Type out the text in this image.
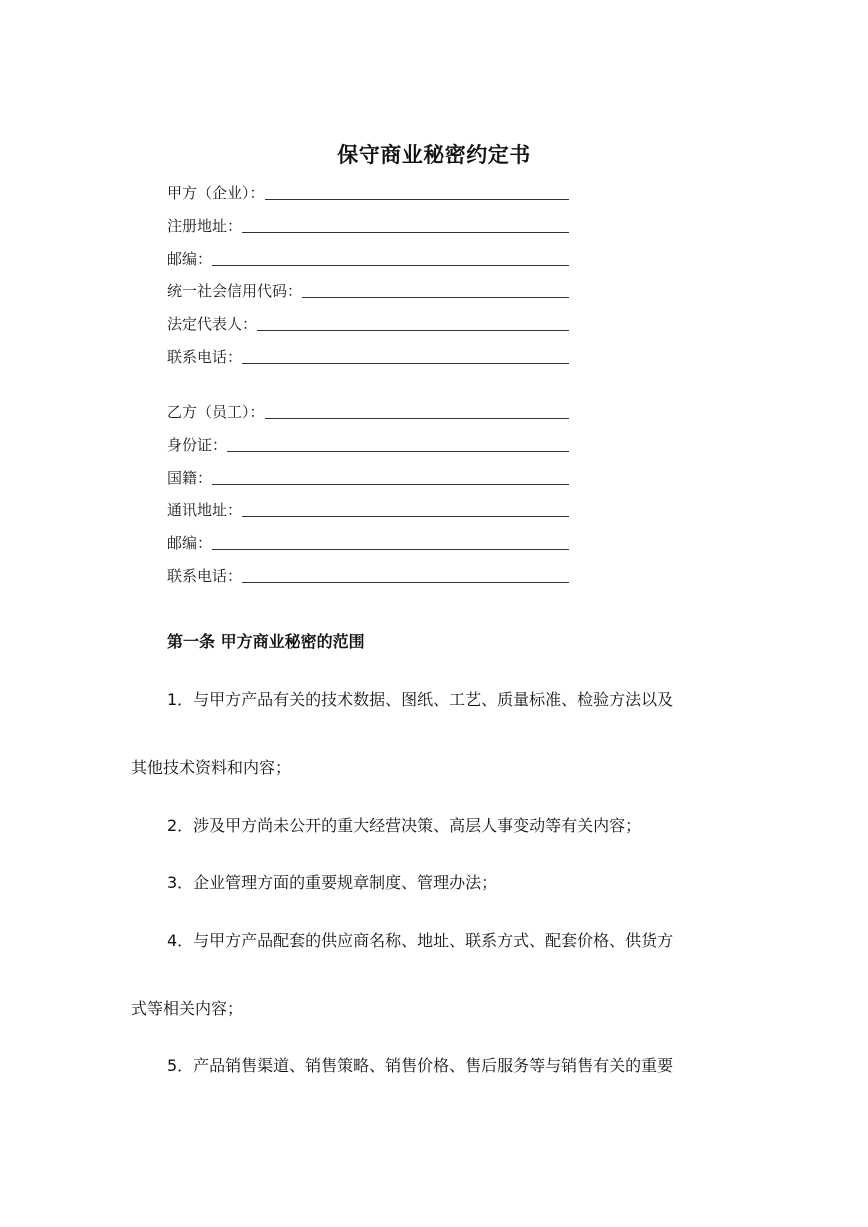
保守商业秘密约定书
甲方（企业）：
注册地址：
邮编：
统一社会信用代码：
法定代表人：
联系电话：
乙方（员工）：
身份证：
国籍：
通讯地址：
邮编：
联系电话：
第一条 甲方商业秘密的范围
1．与甲方产品有关的技术数据、图纸、工艺、质量标准、检验方法以及
其他技术资料和内容；
2．涉及甲方尚未公开的重大经营决策、高层人事变动等有关内容；
3．企业管理方面的重要规章制度、管理办法；
4．与甲方产品配套的供应商名称、地址、联系方式、配套价格、供货方
式等相关内容；
5．产品销售渠道、销售策略、销售价格、售后服务等与销售有关的重要
